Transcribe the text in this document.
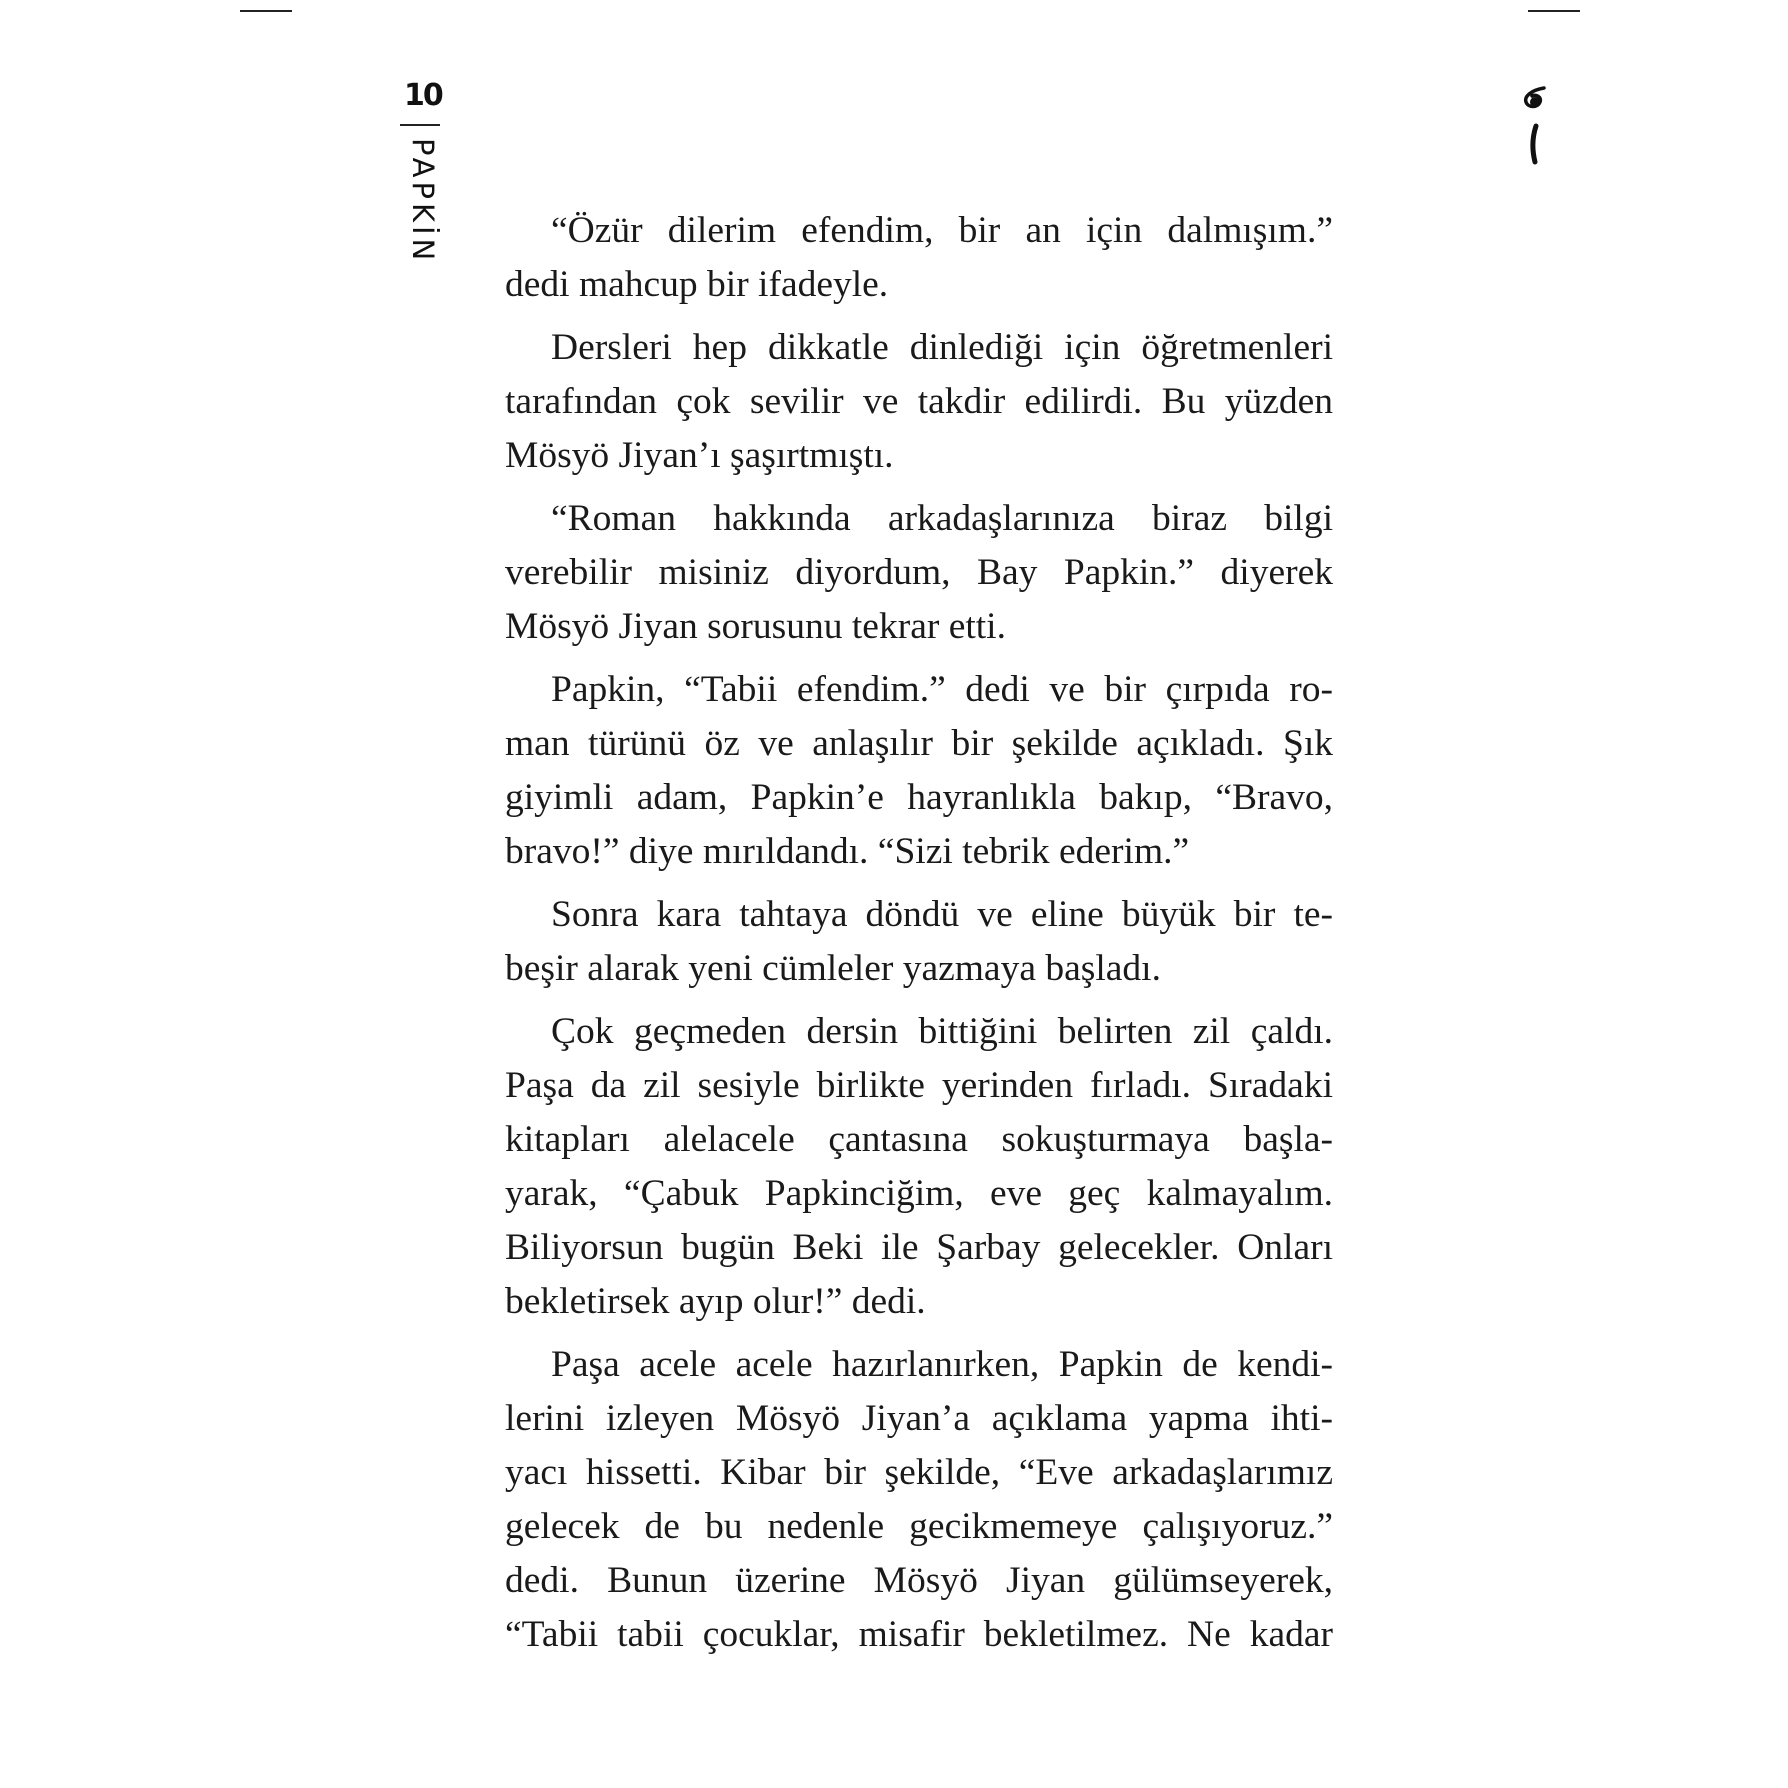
10
PAPKİN	“Özür dilerim efendim, bir an için dalmışım.”
dedi mahcup bir ifadeyle.
Dersleri hep dikkatle dinlediği için öğretmenleri
tarafından çok sevilir ve takdir edilirdi. Bu yüzden
Mösyö Jiyan’ı şaşırtmıştı.
“Roman hakkında arkadaşlarınıza biraz bilgi
verebilir misiniz diyordum, Bay Papkin.” diyerek
Mösyö Jiyan sorusunu tekrar etti.
Papkin, “Tabii efendim.” dedi ve bir çırpıda ro-
man türünü öz ve anlaşılır bir şekilde açıkladı. Şık
giyimli adam, Papkin’e hayranlıkla bakıp, “Bravo,
bravo!” diye mırıldandı. “Sizi tebrik ederim.”
Sonra kara tahtaya döndü ve eline büyük bir te-
beşir alarak yeni cümleler yazmaya başladı.
Çok geçmeden dersin bittiğini belirten zil çaldı.
Paşa da zil sesiyle birlikte yerinden fırladı. Sıradaki
kitapları alelacele çantasına sokuşturmaya başla-
yarak, “Çabuk Papkinciğim, eve geç kalmayalım.
Biliyorsun bugün Beki ile Şarbay gelecekler. Onları
bekletirsek ayıp olur!” dedi.
Paşa acele acele hazırlanırken, Papkin de kendi-
lerini izleyen Mösyö Jiyan’a açıklama yapma ihti-
yacı hissetti. Kibar bir şekilde, “Eve arkadaşlarımız
gelecek de bu nedenle gecikmemeye çalışıyoruz.”
dedi. Bunun üzerine Mösyö Jiyan gülümseyerek,
“Tabii tabii çocuklar, misafir bekletilmez. Ne kadar
